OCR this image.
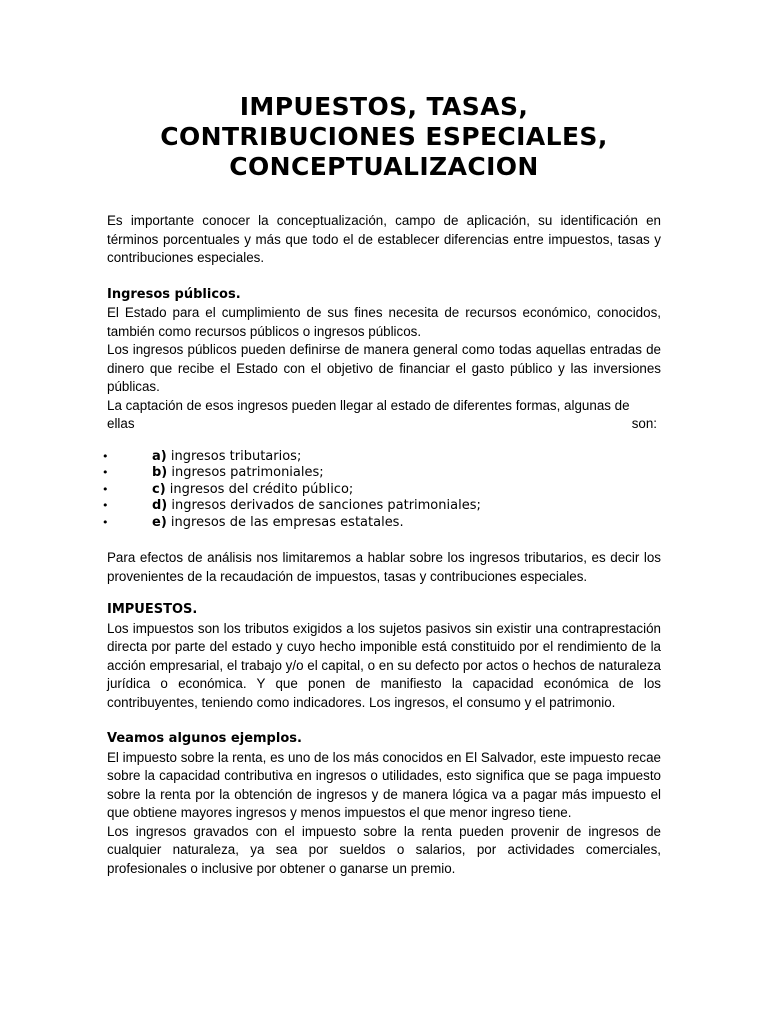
IMPUESTOS, TASAS,
CONTRIBUCIONES ESPECIALES,
CONCEPTUALIZACION

Es importante conocer la conceptualización, campo de aplicación, su identificación en términos porcentuales y más que todo el de establecer diferencias entre impuestos, tasas y contribuciones especiales.

Ingresos públicos.

El Estado para el cumplimiento de sus fines necesita de recursos económico, conocidos, también como recursos públicos o ingresos públicos.

Los ingresos públicos pueden definirse de manera general como todas aquellas entradas de dinero que recibe el Estado con el objetivo de financiar el gasto público y las inversiones públicas.

La captación de esos ingresos pueden llegar al estado de diferentes formas, algunas de
ellas	son:

•	a) ingresos tributarios;
•	b) ingresos patrimoniales;
•	c) ingresos del crédito público;
•	d) ingresos derivados de sanciones patrimoniales;
•	e) ingresos de las empresas estatales.

Para efectos de análisis nos limitaremos a hablar sobre los ingresos tributarios, es decir los provenientes de la recaudación de impuestos, tasas y contribuciones especiales.

IMPUESTOS.

Los impuestos son los tributos exigidos a los sujetos pasivos sin existir una contraprestación directa por parte del estado y cuyo hecho imponible está constituido por el rendimiento de la acción empresarial, el trabajo y/o el capital, o en su defecto por actos o hechos de naturaleza jurídica o económica. Y que ponen de manifiesto la capacidad económica de los contribuyentes, teniendo como indicadores. Los ingresos, el consumo y el patrimonio.

Veamos algunos ejemplos.

El impuesto sobre la renta, es uno de los más conocidos en El Salvador, este impuesto recae sobre la capacidad contributiva en ingresos o utilidades, esto significa que se paga impuesto sobre la renta por la obtención de ingresos y de manera lógica va a pagar más impuesto el que obtiene mayores ingresos y menos impuestos el que menor ingreso tiene.

Los ingresos gravados con el impuesto sobre la renta pueden provenir de ingresos de cualquier naturaleza, ya sea por sueldos o salarios, por actividades comerciales, profesionales o inclusive por obtener o ganarse un premio.
